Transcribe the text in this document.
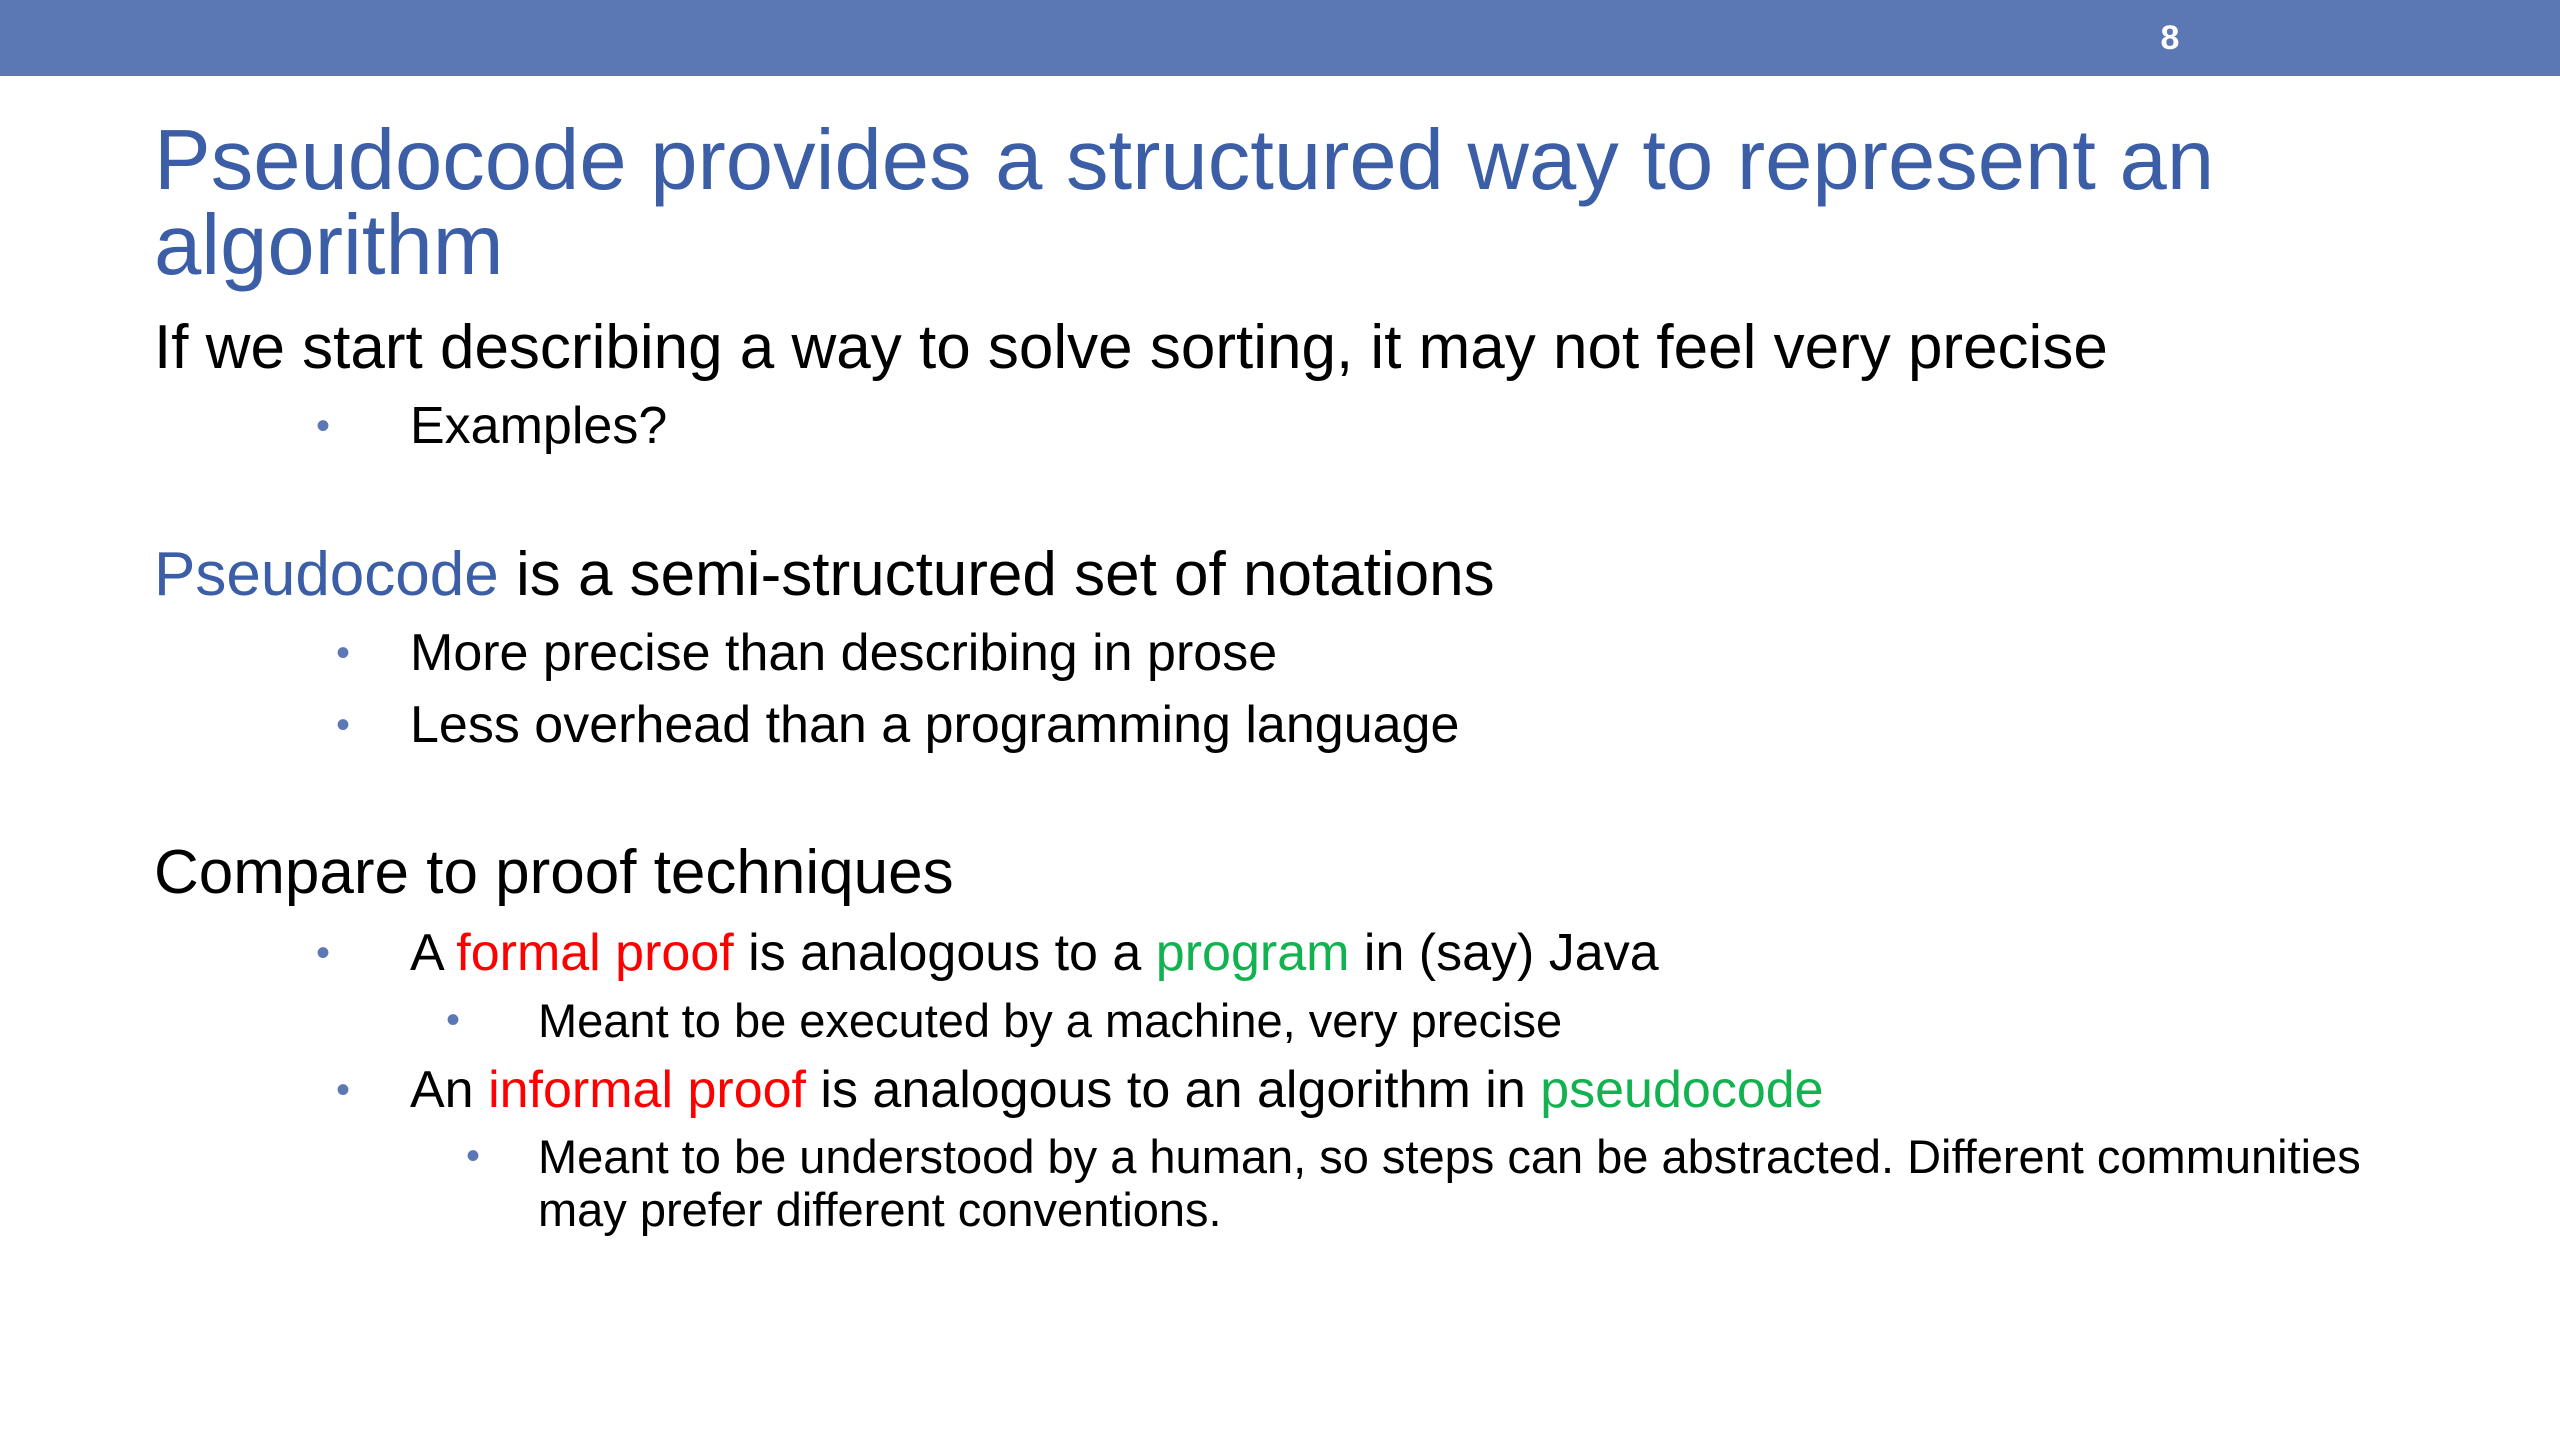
8
Pseudocode provides a structured way to represent an algorithm

If we start describing a way to solve sorting, it may not feel very precise

• Examples?

Pseudocode is a semi-structured set of notations

• More precise than describing in prose

• Less overhead than a programming language

Compare to proof techniques

• A formal proof is analogous to a program in (say) Java

• Meant to be executed by a machine, very precise

• An informal proof is analogous to an algorithm in pseudocode

• Meant to be understood by a human, so steps can be abstracted. Different communities may prefer different conventions.
